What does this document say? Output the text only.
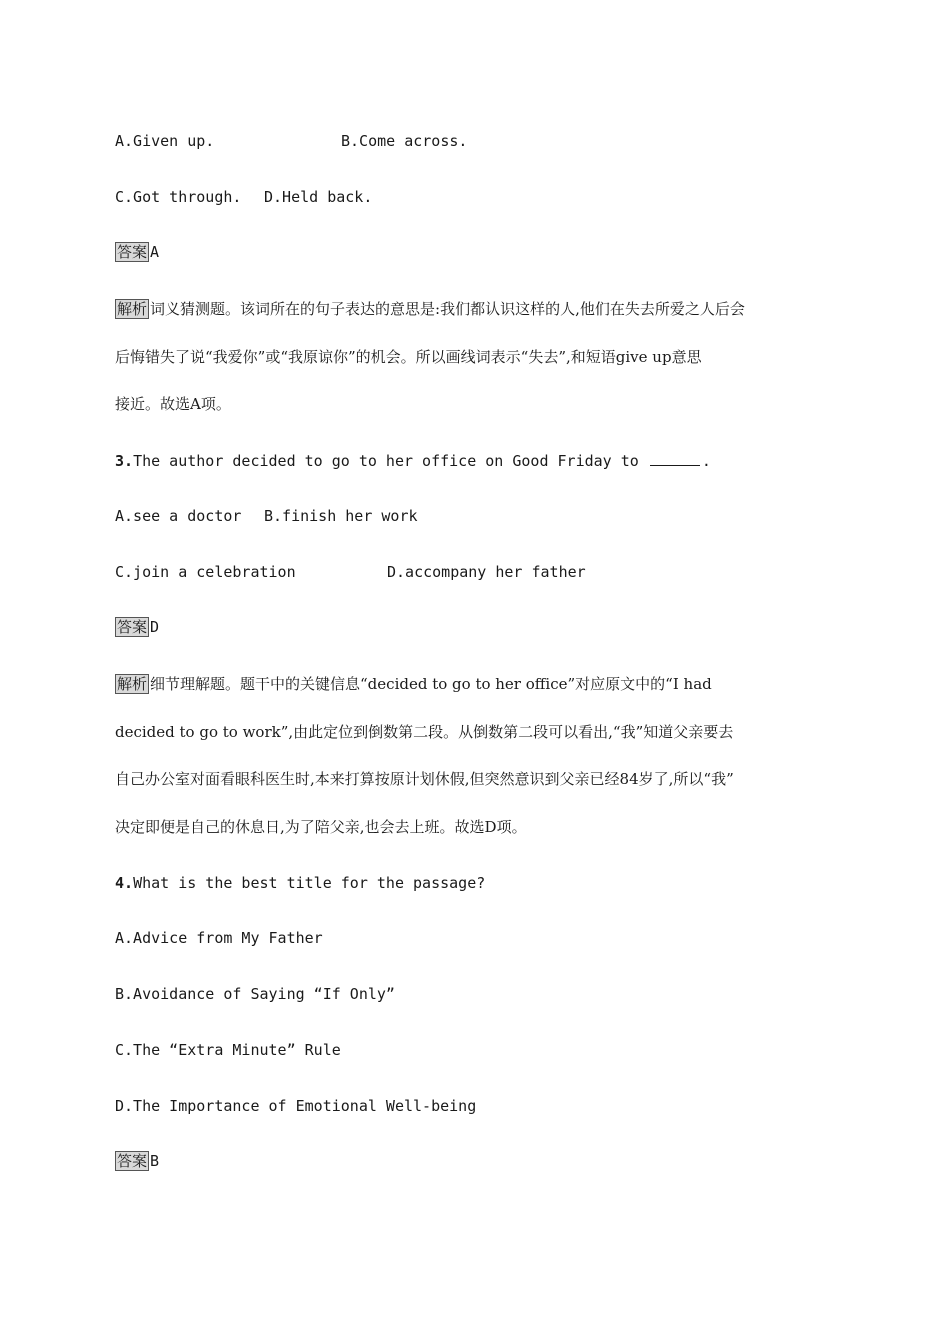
A.Given up.	B.Come across.
C.Got through. D.Held back.
答案 A
解析 词义猜测题。该词所在的句子表达的意思是:我们都认识这样的人,他们在失去所爱之人后会
后悔错失了说“我爱你”或“我原谅你”的机会。所以画线词表示“失去”,和短语give up意思
接近。故选A项。
3.The author decided to go to her office on Good Friday to	.
A.see a doctor B.finish her work
C.join a celebration	D.accompany her father
答案 D
解析 细节理解题。题干中的关键信息“decided to go to her office”对应原文中的“I had
decided to go to work”,由此定位到倒数第二段。从倒数第二段可以看出,“我”知道父亲要去
自己办公室对面看眼科医生时,本来打算按原计划休假,但突然意识到父亲已经84岁了,所以“我”
决定即便是自己的休息日,为了陪父亲,也会去上班。故选D项。
4.What is the best title for the passage?
A.Advice from My Father
B.Avoidance of Saying “If Only”
C.The “Extra Minute” Rule
D.The Importance of Emotional Well-being
答案 B
